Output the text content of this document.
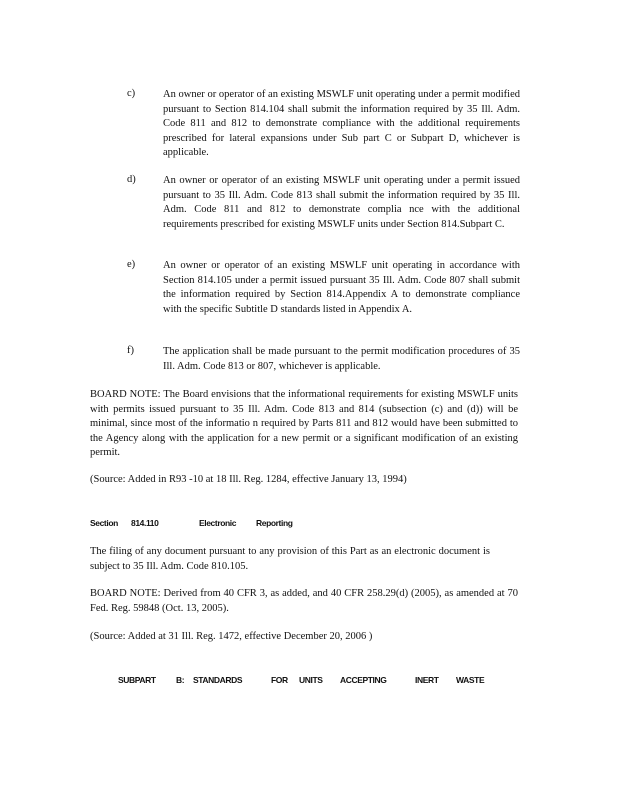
c)	An owner or operator of an existing MSWLF unit operating under a permit modified pursuant to Section 814.104 shall submit the information required by 35 Ill. Adm. Code 811 and 812 to demonstrate compliance with the additional requirements prescribed for lateral expansions under Sub part C or Subpart D, whichever is applicable.
d)	An owner or operator of an existing MSWLF unit operating under a permit issued pursuant to 35 Ill. Adm. Code 813 shall submit the information required by 35 Ill. Adm. Code 811 and 812 to demonstrate complia nce with the additional requirements prescribed for existing MSWLF units under Section 814.Subpart C.
e)	An owner or operator of an existing MSWLF unit operating in accordance with Section 814.105 under a permit issued pursuant 35 Ill. Adm. Code 807 shall submit the information required by Section 814.Appendix A to demonstrate compliance with the specific Subtitle D standards listed in Appendix A.
f)	The application shall be made pursuant to the permit modification procedures of 35 Ill. Adm. Code 813 or 807, whichever is applicable.
BOARD NOTE: The Board envisions that the informational requirements for existing MSWLF units with permits issued pursuant to 35 Ill. Adm. Code 813 and 814 (subsection (c) and (d)) will be minimal, since most of the informatio n required by Parts 811 and 812 would have been submitted to the Agency along with the application for a new permit or a significant modification of an existing permit.
(Source: Added in R93 -10 at 18 Ill. Reg. 1284, effective January 13, 1994)
Section 814.110	Electronic Reporting
The filing of any document pursuant to any provision of this Part as an electronic document is subject to 35 Ill. Adm. Code 810.105.
BOARD NOTE: Derived from 40 CFR 3, as added, and 40 CFR 258.29(d) (2005), as amended at 70 Fed. Reg. 59848 (Oct. 13, 2005).
(Source: Added at 31 Ill. Reg. 1472, effective December 20, 2006 )
SUBPART B: STANDARDS	FOR UNITS ACCEPTING	INERT WASTE
